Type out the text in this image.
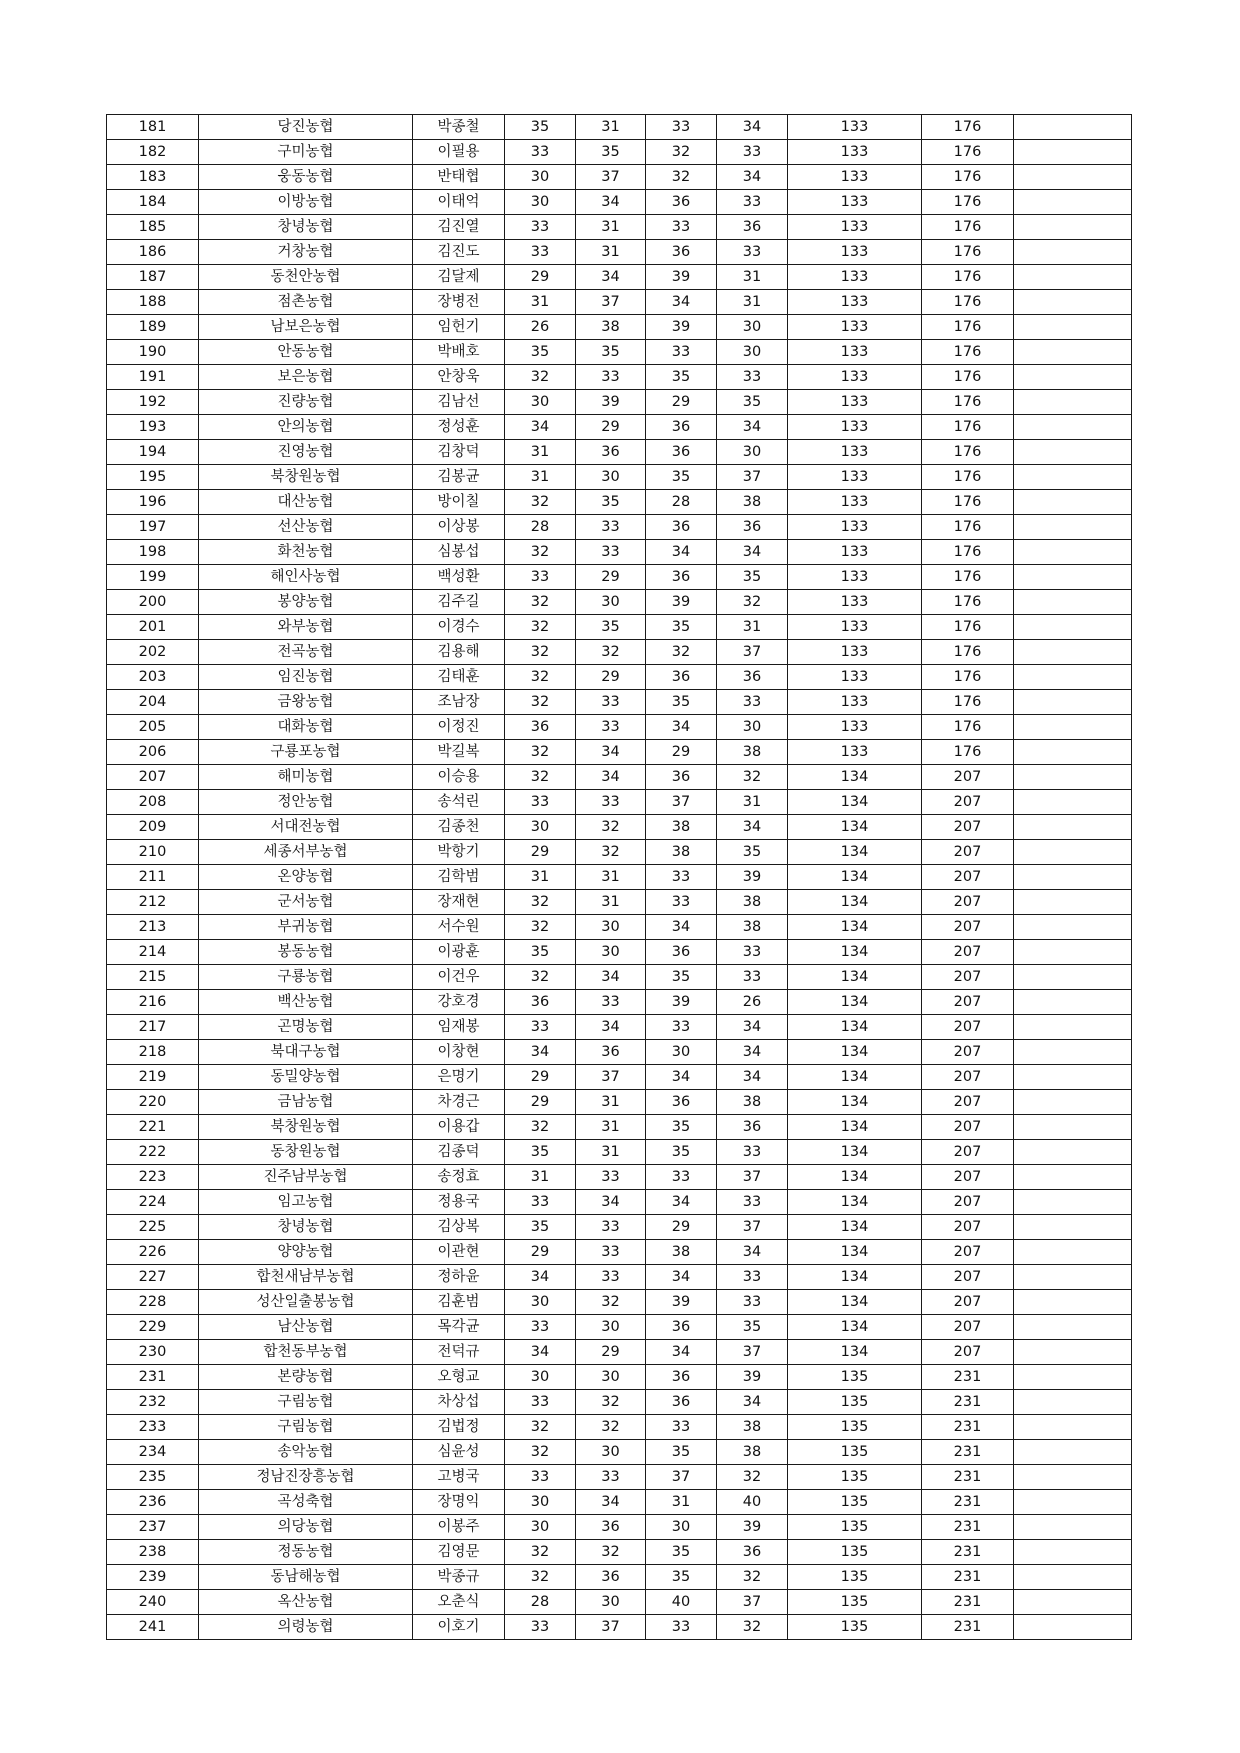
181	당진농협	박종철	35	31	33	34	133	176	
182	구미농협	이필용	33	35	32	33	133	176	
183	웅동농협	반태협	30	37	32	34	133	176	
184	이방농협	이태억	30	34	36	33	133	176	
185	창녕농협	김진열	33	31	33	36	133	176	
186	거창농협	김진도	33	31	36	33	133	176	
187	동천안농협	김달제	29	34	39	31	133	176	
188	점촌농협	장병전	31	37	34	31	133	176	
189	남보은농협	임헌기	26	38	39	30	133	176	
190	안동농협	박배호	35	35	33	30	133	176	
191	보은농협	안창욱	32	33	35	33	133	176	
192	진량농협	김남선	30	39	29	35	133	176	
193	안의농협	정성훈	34	29	36	34	133	176	
194	진영농협	김창덕	31	36	36	30	133	176	
195	북창원농협	김봉균	31	30	35	37	133	176	
196	대산농협	방이칠	32	35	28	38	133	176	
197	선산농협	이상봉	28	33	36	36	133	176	
198	화천농협	심봉섭	32	33	34	34	133	176	
199	해인사농협	백성환	33	29	36	35	133	176	
200	봉양농협	김주길	32	30	39	32	133	176	
201	와부농협	이경수	32	35	35	31	133	176	
202	전곡농협	김용해	32	32	32	37	133	176	
203	임진농협	김태훈	32	29	36	36	133	176	
204	금왕농협	조남장	32	33	35	33	133	176	
205	대화농협	이정진	36	33	34	30	133	176	
206	구룡포농협	박길복	32	34	29	38	133	176	
207	해미농협	이승용	32	34	36	32	134	207	
208	정안농협	송석린	33	33	37	31	134	207	
209	서대전농협	김종천	30	32	38	34	134	207	
210	세종서부농협	박항기	29	32	38	35	134	207	
211	온양농협	김학범	31	31	33	39	134	207	
212	군서농협	장재현	32	31	33	38	134	207	
213	부귀농협	서수원	32	30	34	38	134	207	
214	봉동농협	이광훈	35	30	36	33	134	207	
215	구룡농협	이건우	32	34	35	33	134	207	
216	백산농협	강호경	36	33	39	26	134	207	
217	곤명농협	임재봉	33	34	33	34	134	207	
218	북대구농협	이창현	34	36	30	34	134	207	
219	동밀양농협	은명기	29	37	34	34	134	207	
220	금남농협	차경근	29	31	36	38	134	207	
221	북창원농협	이용갑	32	31	35	36	134	207	
222	동창원농협	김종덕	35	31	35	33	134	207	
223	진주남부농협	송정효	31	33	33	37	134	207	
224	임고농협	정용국	33	34	34	33	134	207	
225	창녕농협	김상복	35	33	29	37	134	207	
226	양양농협	이관현	29	33	38	34	134	207	
227	합천새남부농협	정하윤	34	33	34	33	134	207	
228	성산일출봉농협	김훈범	30	32	39	33	134	207	
229	남산농협	목각균	33	30	36	35	134	207	
230	합천동부농협	전덕규	34	29	34	37	134	207	
231	본량농협	오형교	30	30	36	39	135	231	
232	구림농협	차상섭	33	32	36	34	135	231	
233	구림농협	김법정	32	32	33	38	135	231	
234	송악농협	심윤성	32	30	35	38	135	231	
235	정남진장흥농협	고병국	33	33	37	32	135	231	
236	곡성축협	장명익	30	34	31	40	135	231	
237	의당농협	이봉주	30	36	30	39	135	231	
238	정동농협	김영문	32	32	35	36	135	231	
239	동남해농협	박종규	32	36	35	32	135	231	
240	옥산농협	오춘식	28	30	40	37	135	231	
241	의령농협	이호기	33	37	33	32	135	231	
